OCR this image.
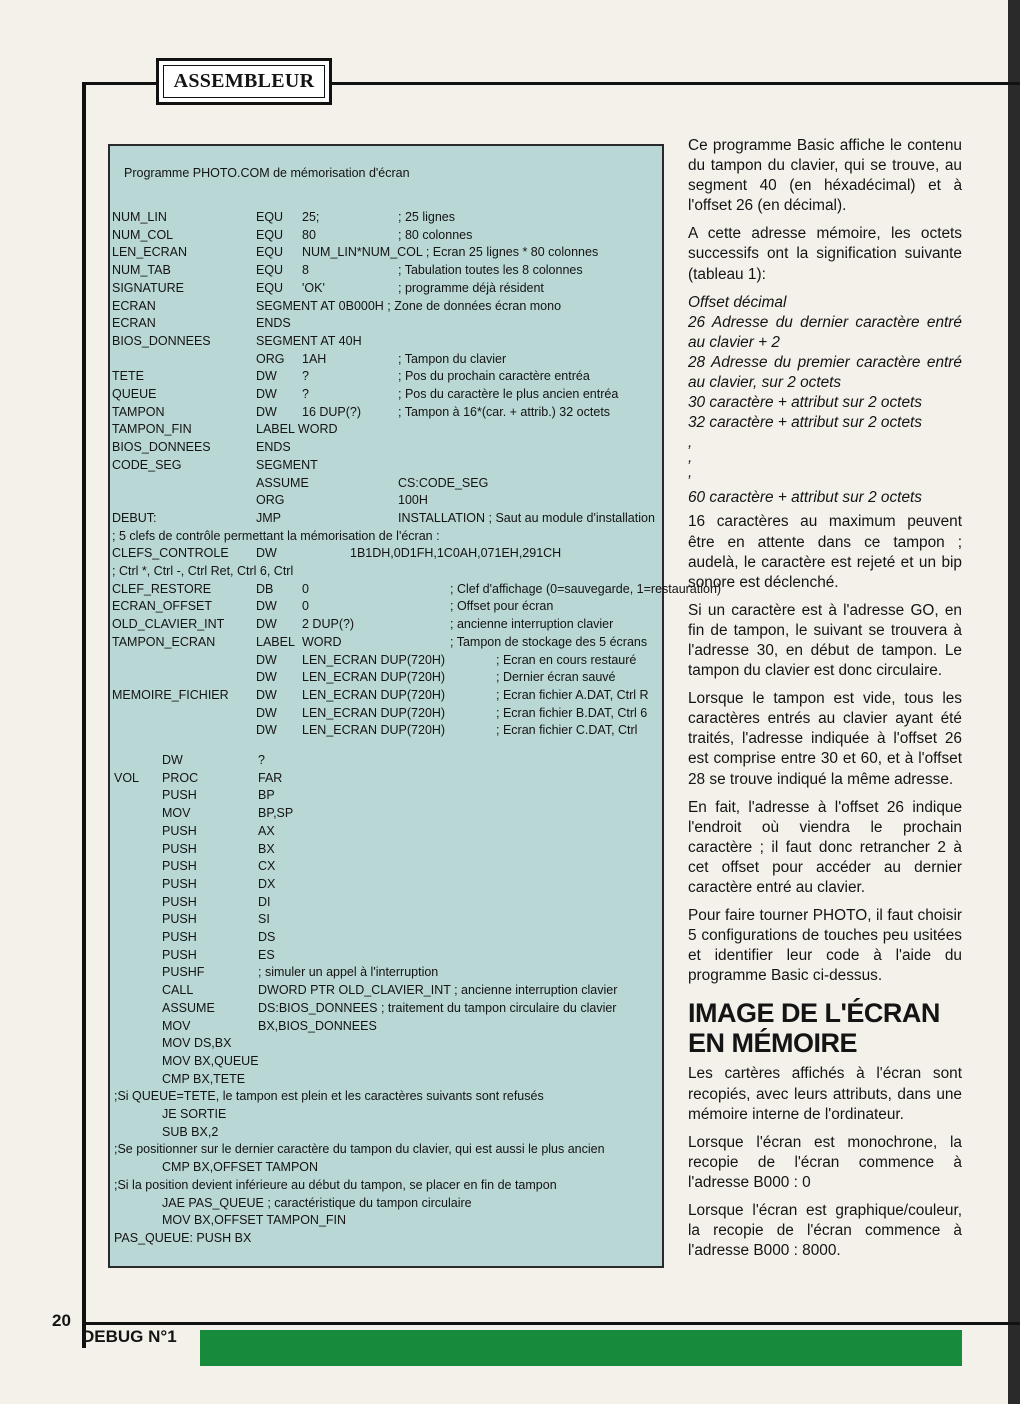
ASSEMBLEUR
Programme PHOTO.COM de mémorisation d'écran
NUM_LIN	EQU 25;	; 25 lignes
NUM_COL	EQU 80	; 80 colonnes
LEN_ECRAN	EQU NUM_LIN*NUM_COL ; Ecran 25 lignes * 80 colonnes
NUM_TAB	EQU 8	; Tabulation toutes les 8 colonnes
SIGNATURE	EQU 'OK'	; programme déjà résident
ECRAN	SEGMENT AT 0B000H ; Zone de données écran mono
ECRAN	ENDS
BIOS_DONNEES	SEGMENT AT 40H
ORG 1AH	; Tampon du clavier
TETE	DW ?	; Pos du prochain caractère entréa
QUEUE	DW ?	; Pos du caractère le plus ancien entréa
TAMPON	DW 16 DUP(?)	; Tampon à 16*(car. + attrib.) 32 octets
TAMPON_FIN	LABEL WORD
BIOS_DONNEES	ENDS
CODE_SEG	SEGMENT
ASSUME	CS:CODE_SEG
ORG	100H
DEBUT:	JMP	INSTALLATION ; Saut au module d'installation
; 5 clefs de contrôle permettant la mémorisation de l'écran :
CLEFS_CONTROLE DW	1B1DH,0D1FH,1C0AH,071EH,291CH
; Ctrl *, Ctrl -, Ctrl Ret, Ctrl 6, Ctrl
CLEF_RESTORE	DB 0	; Clef d'affichage (0=sauvegarde, 1=restauration)
ECRAN_OFFSET	DW 0	; Offset pour écran
OLD_CLAVIER_INT	DW 2 DUP(?)	; ancienne interruption clavier
TAMPON_ECRAN	LABEL WORD	; Tampon de stockage des 5 écrans
DW LEN_ECRAN DUP(720H)	; Ecran en cours restauré
DW LEN_ECRAN DUP(720H)	; Dernier écran sauvé
MEMOIRE_FICHIER DW LEN_ECRAN DUP(720H)	; Ecran fichier A.DAT, Ctrl R
DW LEN_ECRAN DUP(720H)	; Ecran fichier B.DAT, Ctrl 6
DW LEN_ECRAN DUP(720H)	; Ecran fichier C.DAT, Ctrl
DW	?
VOL PROC	FAR
PUSH	BP
MOV	BP,SP
PUSH	AX
PUSH	BX
PUSH	CX
PUSH	DX
PUSH	DI
PUSH	SI
PUSH	DS
PUSH	ES
PUSHF	; simuler un appel à l'interruption
CALL	DWORD PTR OLD_CLAVIER_INT ; ancienne interruption clavier
ASSUME	DS:BIOS_DONNEES ; traitement du tampon circulaire du clavier
MOV	BX,BIOS_DONNEES
MOV DS,BX
MOV BX,QUEUE
CMP BX,TETE
;Si QUEUE=TETE, le tampon est plein et les caractères suivants sont refusés
JE SORTIE
SUB BX,2
;Se positionner sur le dernier caractère du tampon du clavier, qui est aussi le plus ancien
CMP BX,OFFSET TAMPON
;Si la position devient inférieure au début du tampon, se placer en fin de tampon
JAE PAS_QUEUE ; caractéristique du tampon circulaire
MOV BX,OFFSET TAMPON_FIN
PAS_QUEUE: PUSH BX

Ce programme Basic affiche le contenu du tampon du clavier, qui se trouve, au segment 40 (en héxadécimal) et à l'offset 26 (en décimal).

A cette adresse mémoire, les octets successifs ont la signification suivante (tableau 1):

Offset décimal

26 Adresse du dernier caractère entré au clavier + 2

28 Adresse du premier caractère entré au clavier, sur 2 octets

30 caractère + attribut sur 2 octets

32 caractère + attribut sur 2 octets

,

,

,

60 caractère + attribut sur 2 octets

16 caractères au maximum peuvent être en attente dans ce tampon ; audelà, le caractère est rejeté et un bip sonore est déclenché.

Si un caractère est à l'adresse GO, en fin de tampon, le suivant se trouvera à l'adresse 30, en début de tampon. Le tampon du clavier est donc circulaire.

Lorsque le tampon est vide, tous les caractères entrés au clavier ayant été traités, l'adresse indiquée à l'offset 26 est comprise entre 30 et 60, et à l'offset 28 se trouve indiqué la même adresse.

En fait, l'adresse à l'offset 26 indique l'endroit où viendra le prochain caractère ; il faut donc retrancher 2 à cet offset pour accéder au dernier caractère entré au clavier.

Pour faire tourner PHOTO, il faut choisir 5 configurations de touches peu usitées et identifier leur code à l'aide du programme Basic ci-dessus.

IMAGE DE L'ÉCRAN EN MÉMOIRE

Les cartères affichés à l'écran sont recopiés, avec leurs attributs, dans une mémoire interne de l'ordinateur.

Lorsque l'écran est monochrone, la recopie de l'écran commence à l'adresse B000 : 0

Lorsque l'écran est graphique/couleur, la recopie de l'écran commence à l'adresse B000 : 8000.

20
DEBUG N°1
